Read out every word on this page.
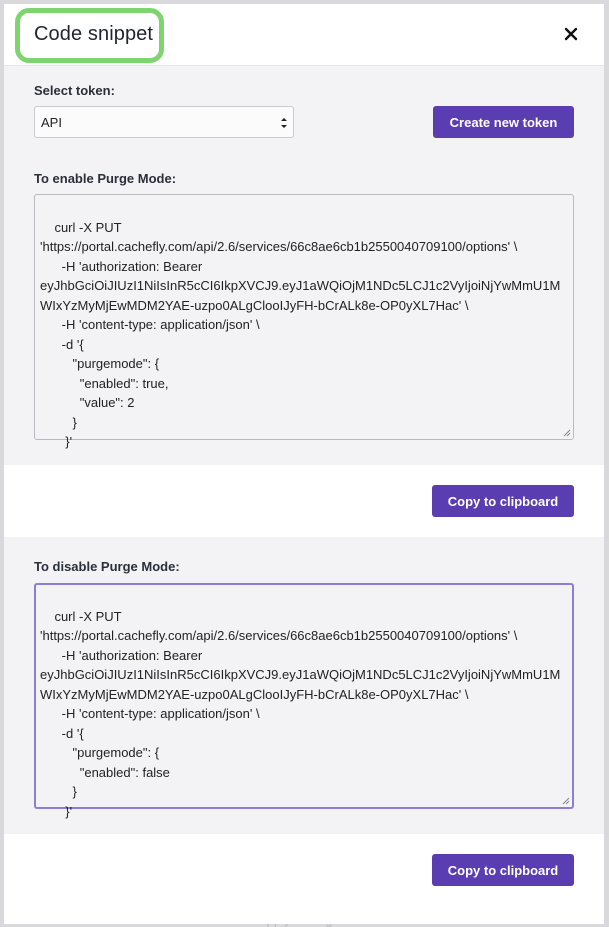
Code snippet
Select token:
API	Create new token
To enable Purge Mode:

curl -X PUT
'https://portal.cachefly.com/api/2.6/services/66c8ae6cb1b2550040709100/options' \
-H 'authorization: Bearer
eyJhbGciOiJIUzI1NiIsInR5cCI6IkpXVCJ9.eyJ1aWQiOjM1NDc5LCJ1c2VyIjoiNjYwMmU1M
WIxYzMyMjEwMDM2YAE-uzpo0ALgClooIJyFH-bCrALk8e-OP0yXL7Hac' \
-H 'content-type: application/json' \
-d '{
"purgemode": {
"enabled": true,
"value": 2
}
}'

Copy to clipboard
To disable Purge Mode:

curl -X PUT
'https://portal.cachefly.com/api/2.6/services/66c8ae6cb1b2550040709100/options' \
-H 'authorization: Bearer
eyJhbGciOiJIUzI1NiIsInR5cCI6IkpXVCJ9.eyJ1aWQiOjM1NDc5LCJ1c2VyIjoiNjYwMmU1M
WIxYzMyMjEwMDM2YAE-uzpo0ALgClooIJyFH-bCrALk8e-OP0yXL7Hac' \
-H 'content-type: application/json' \
-d '{
"purgemode": {
"enabled": false
}
}'

Copy to clipboard
